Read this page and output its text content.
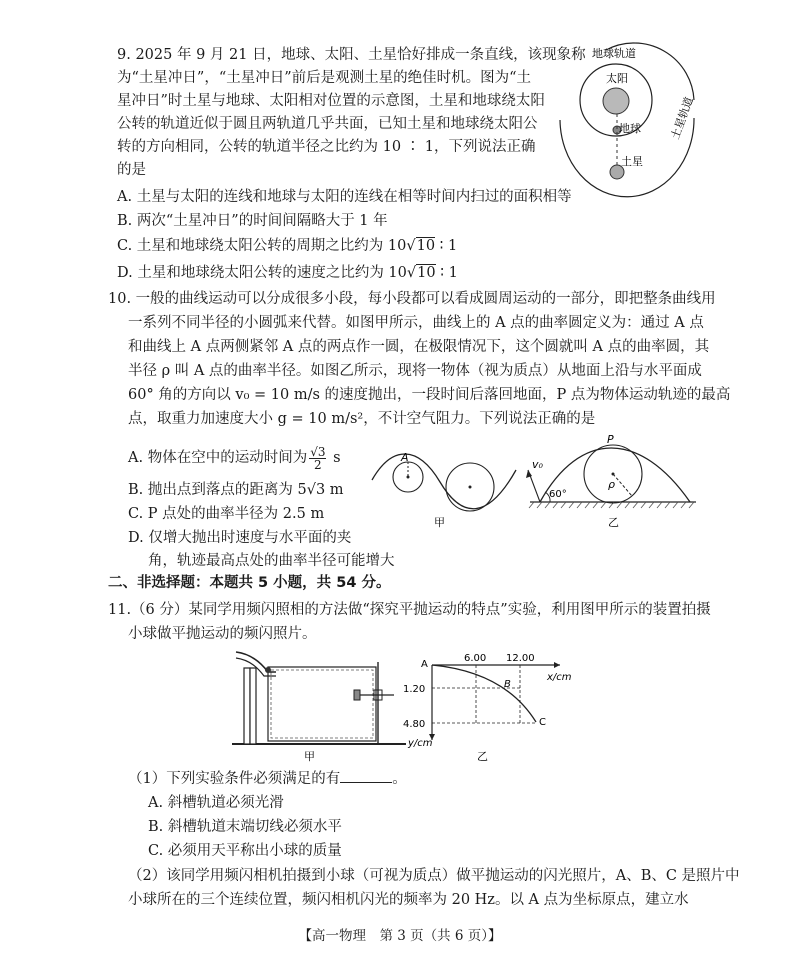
9. 2025 年 9 月 21 日，地球、太阳、土星恰好排成一条直线，该现象称
为“土星冲日”，“土星冲日”前后是观测土星的绝佳时机。图为“土
星冲日”时土星与地球、太阳相对位置的示意图，土星和地球绕太阳
公转的轨道近似于圆且两轨道几乎共面，已知土星和地球绕太阳公
转的方向相同，公转的轨道半径之比约为 10 ∶ 1，下列说法正确
的是
A. 土星与太阳的连线和地球与太阳的连线在相等时间内扫过的面积相等
B. 两次“土星冲日”的时间间隔略大于 1 年
C. 土星和地球绕太阳公转的周期之比约为 10√10 ∶ 1
D. 土星和地球绕太阳公转的速度之比约为 10√10 ∶ 1
地球轨道
太阳
地球
土星
土星轨道
10. 一般的曲线运动可以分成很多小段，每小段都可以看成圆周运动的一部分，即把整条曲线用
一系列不同半径的小圆弧来代替。如图甲所示，曲线上的 A 点的曲率圆定义为：通过 A 点
和曲线上 A 点两侧紧邻 A 点的两点作一圆，在极限情况下，这个圆就叫 A 点的曲率圆，其
半径 ρ 叫 A 点的曲率半径。如图乙所示，现将一物体（视为质点）从地面上沿与水平面成
60° 角的方向以 v₀ = 10 m/s 的速度抛出，一段时间后落回地面，P 点为物体运动轨迹的最高
点，取重力加速度大小 g = 10 m/s²，不计空气阻力。下列说法正确的是
A. 物体在空中的运动时间为 $\frac{√3}{2}$ s
B. 抛出点到落点的距离为 5√3 m
C. P 点处的曲率半径为 2.5 m
D. 仅增大抛出时速度与水平面的夹
角，轨迹最高点处的曲率半径可能增大
A
甲
P
v₀
ρ
60°
乙
二、非选择题：本题共 5 小题，共 54 分。
11.（6 分）某同学用频闪照相的方法做“探究平抛运动的特点”实验，利用图甲所示的装置拍摄
小球做平抛运动的频闪照片。
甲
6.00 12.00
x/cm
1.20
4.80
y/cm
A
B
C
乙
（1）下列实验条件必须满足的有	。
A. 斜槽轨道必须光滑
B. 斜槽轨道末端切线必须水平
C. 必须用天平称出小球的质量
（2）该同学用频闪相机拍摄到小球（可视为质点）做平抛运动的闪光照片，A、B、C 是照片中
小球所在的三个连续位置，频闪相机闪光的频率为 20 Hz。以 A 点为坐标原点，建立水
【高一物理　第 3 页（共 6 页）】
